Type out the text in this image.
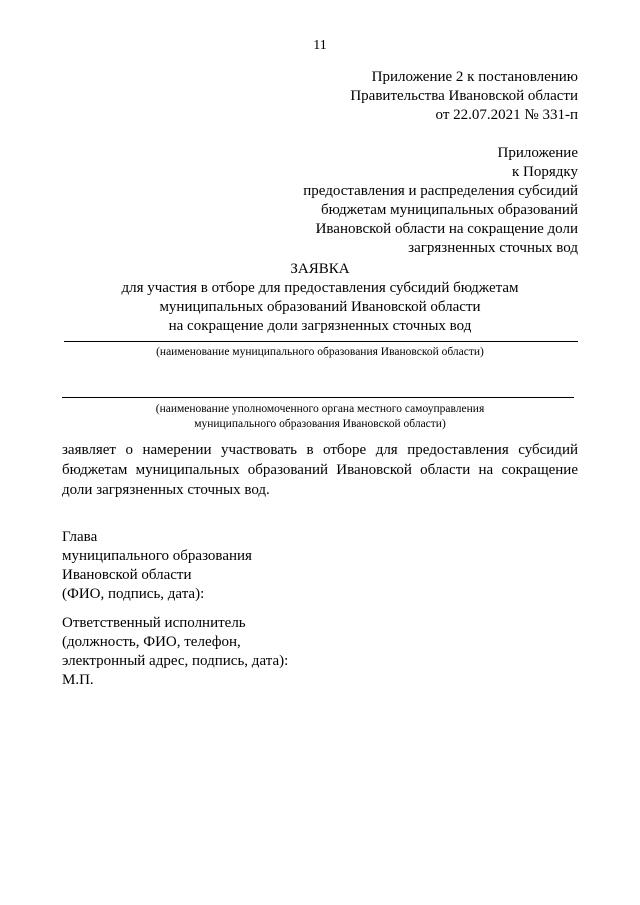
11
Приложение 2 к постановлению
Правительства Ивановской области
от 22.07.2021 № 331-п
Приложение
к Порядку
предоставления и распределения субсидий
бюджетам муниципальных образований
Ивановской области на сокращение доли
загрязненных сточных вод
ЗАЯВКА
для участия в отборе для предоставления субсидий бюджетам
муниципальных образований Ивановской области
на сокращение доли загрязненных сточных вод
(наименование муниципального образования Ивановской области)
(наименование уполномоченного органа местного самоуправления
муниципального образования Ивановской области)
заявляет о намерении участвовать в отборе для предоставления субсидий
бюджетам муниципальных образований Ивановской области на сокращение
доли загрязненных сточных вод.
Глава
муниципального образования
Ивановской области
(ФИО, подпись, дата):
Ответственный исполнитель
(должность, ФИО, телефон,
электронный адрес, подпись, дата):
М.П.
